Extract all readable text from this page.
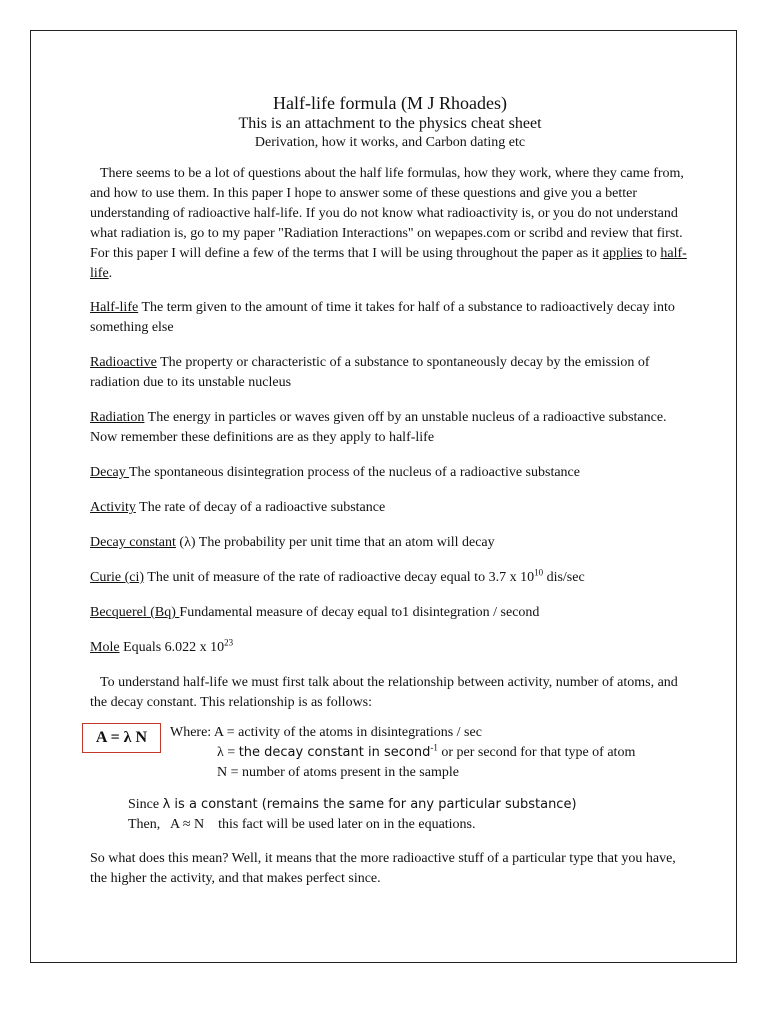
Half-life formula (M J Rhoades)
This is an attachment to the physics cheat sheet
Derivation, how it works, and Carbon dating etc

There seems to be a lot of questions about the half life formulas, how they work, where they came from, and how to use them. In this paper I hope to answer some of these questions and give you a better understanding of radioactive half-life. If you do not know what radioactivity is, or you do not understand what radiation is, go to my paper "Radiation Interactions" on wepapes.com or scribd and review that first. For this paper I will define a few of the terms that I will be using throughout the paper as it applies to half-life.

Half-life The term given to the amount of time it takes for half of a substance to radioactively decay into something else

Radioactive The property or characteristic of a substance to spontaneously decay by the emission of radiation due to its unstable nucleus

Radiation The energy in particles or waves given off by an unstable nucleus of a radioactive substance. Now remember these definitions are as they apply to half-life

Decay The spontaneous disintegration process of the nucleus of a radioactive substance

Activity The rate of decay of a radioactive substance

Decay constant (λ) The probability per unit time that an atom will decay

Curie (ci) The unit of measure of the rate of radioactive decay equal to 3.7 x $10^{10}$ dis/sec

Becquerel (Bq) Fundamental measure of decay equal to1 disintegration / second

Mole Equals 6.022 x $10^{23}$

To understand half-life we must first talk about the relationship between activity, number of atoms, and the decay constant. This relationship is as follows:

A = λ N	Where: A = activity of the atoms in disintegrations / sec
λ = the decay constant in second$^{-1}$ or per second for that type of atom
N = number of atoms present in the sample

Since λ is a constant (remains the same for any particular substance)

Then,   A ≈ N    this fact will be used later on in the equations.

So what does this mean? Well, it means that the more radioactive stuff of a particular type that you have, the higher the activity, and that makes perfect since.
